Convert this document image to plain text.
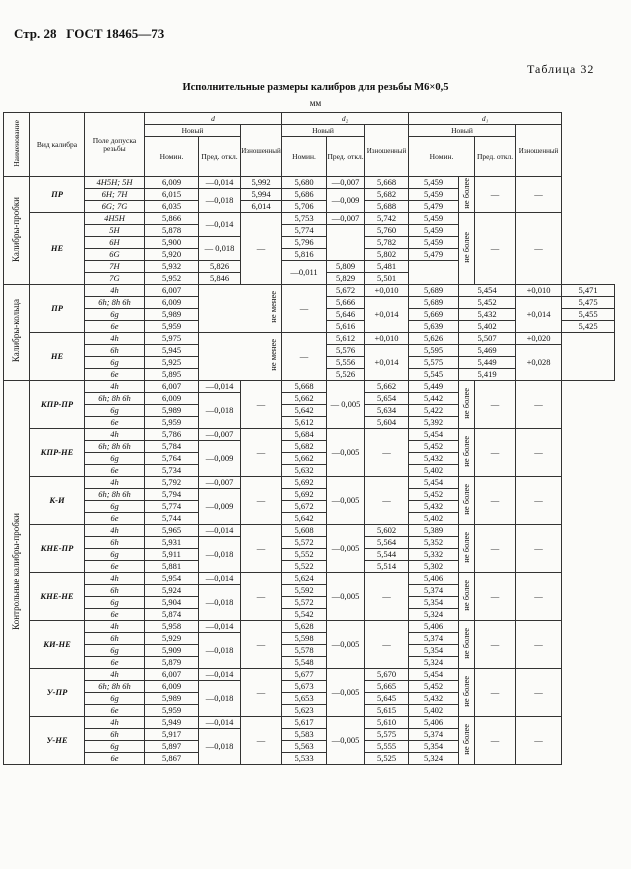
Стр. 28 ГОСТ 18465—73
Таблица 32
Исполнительные размеры калибров для резьбы М6×0,5
мм
Наименование	Вид калибра	Поле допуска резьбы	d			d₂			d₁				
			Новый		Изношенный	Новый		Изношенный	Новый			Изношенный	
			Номин.	Пред. откл.		Номин.	Пред. откл.		Номин.		Пред. откл.		
Калибры-пробки	ПР	4H5H; 5H	6,009	—0,014	5,992	5,680	—0,007	5,668	5,459	не более	—	—	
		6H; 7H	6,015	—0,018	5,994	5,686	—0,009	5,682	5,459				
		6G; 7G	6,035		6,014	5,706		5,688	5,479				
	НЕ	4H5H	5,866	—0,014	—	5,753	—0,007	5,742	5,459	не более	—	—	
		5H	5,878			5,774		5,760	5,459				
		6H	5,900	— 0,018		5,796		5,782	5,459				
		6G	5,920			5,816		5,802	5,479				
		7H	5,932	5,826		—0,011	5,809	5,481					
		7G	5,952	5,846			5,829	5,501					
Калибры-кольца	ПР	4h	6,007	не менее		—	5,672	+0,010	5,689	5,454		+0,010	5,471
		6h; 8h 6h	6,009				5,666	+0,014	5,689	5,452		+0,014	5,475
		6g	5,989				5,646		5,669	5,432			5,455
		6e	5,959				5,616		5,639	5,402			5,425
	НЕ	4h	5,975	не менее		—	5,612	+0,010	5,626	5,507		+0,020	
		6h	5,945				5,576	+0,014	5,595	5,469		+0,028	
		6g	5,925				5,556		5,575	5,449			
		6e	5,895				5,526		5,545	5,419			
Контрольные калибры-пробки	КПР-ПР	4h	6,007	—0,014	—	5,668	— 0,005	5,662	5,449	не более	—	—	
		6h; 8h 6h	6,009	—0,018		5,662		5,654	5,442				
		6g	5,989			5,642		5,634	5,422				
		6e	5,959			5,612		5,604	5,392				
	КПР-НЕ	4h	5,786	—0,007	—	5,684	—0,005	—	5,454	не более	—	—	
		6h; 8h 6h	5,784	—0,009		5,682			5,452				
		6g	5,764			5,662			5,432				
		6e	5,734			5,632			5,402				
	К-И	4h	5,792	—0,007	—	5,692	—0,005	—	5,454	не более	—	—	
		6h; 8h 6h	5,794	—0,009		5,692			5,452				
		6g	5,774			5,672			5,432				
		6e	5,744			5,642			5,402				
	КНЕ-ПР	4h	5,965	—0,014	—	5,608	—0,005	5,602	5,389	не более	—	—	
		6h	5,931	—0,018		5,572		5,564	5,352				
		6g	5,911			5,552		5,544	5,332				
		6e	5,881			5,522		5,514	5,302				
	КНЕ-НЕ	4h	5,954	—0,014	—	5,624	—0,005	—	5,406	не более	—	—	
		6h	5,924	—0,018		5,592			5,374				
		6g	5,904			5,572			5,354				
		6e	5,874			5,542			5,324				
	КИ-НЕ	4h	5,958	—0,014	—	5,628	—0,005	—	5,406	не более	—	—	
		6h	5,929	—0,018		5,598			5,374				
		6g	5,909			5,578			5,354				
		6e	5,879			5,548			5,324				
	У-ПР	4h	6,007	—0,014	—	5,677	—0,005	5,670	5,454	не более	—	—	
		6h; 8h 6h	6,009	—0,018		5,673		5,665	5,452				
		6g	5,989			5,653		5,645	5,432				
		6e	5,959			5,623		5,615	5,402				
	У-НЕ	4h	5,949	—0,014	—	5,617	—0,005	5,610	5,406	не более	—	—	
		6h	5,917	—0,018		5,583		5,575	5,374				
		6g	5,897			5,563		5,555	5,354				
		6e	5,867			5,533		5,525	5,324				
